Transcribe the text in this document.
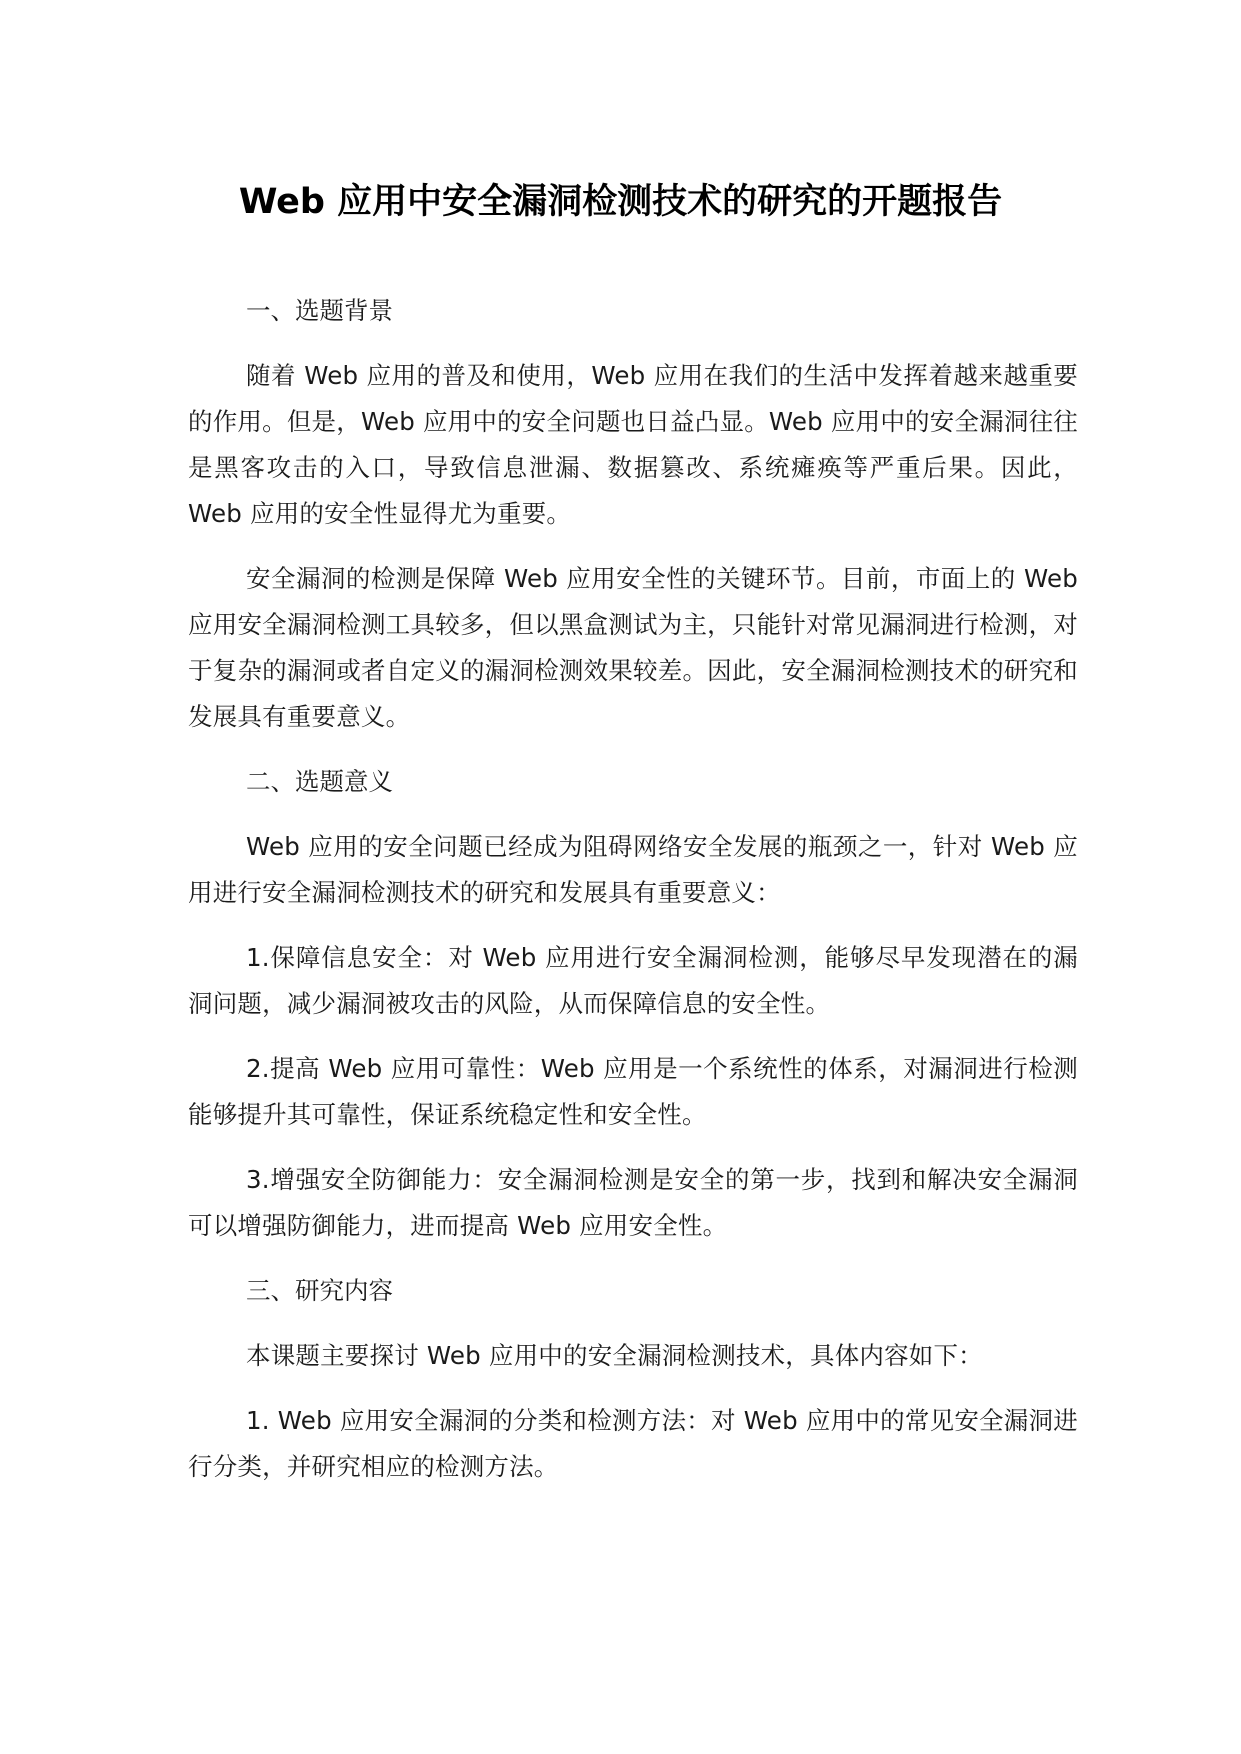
Web 应用中安全漏洞检测技术的研究的开题报告

一、选题背景

随着 Web 应用的普及和使用，Web 应用在我们的生活中发挥着越来越重要的作用。但是，Web 应用中的安全问题也日益凸显。Web 应用中的安全漏洞往往是黑客攻击的入口，导致信息泄漏、数据篡改、系统瘫痪等严重后果。因此，Web 应用的安全性显得尤为重要。

安全漏洞的检测是保障 Web 应用安全性的关键环节。目前，市面上的 Web 应用安全漏洞检测工具较多，但以黑盒测试为主，只能针对常见漏洞进行检测，对于复杂的漏洞或者自定义的漏洞检测效果较差。因此，安全漏洞检测技术的研究和发展具有重要意义。

二、选题意义

Web 应用的安全问题已经成为阻碍网络安全发展的瓶颈之一，针对 Web 应用进行安全漏洞检测技术的研究和发展具有重要意义：

1.保障信息安全：对 Web 应用进行安全漏洞检测，能够尽早发现潜在的漏洞问题，减少漏洞被攻击的风险，从而保障信息的安全性。

2.提高 Web 应用可靠性：Web 应用是一个系统性的体系，对漏洞进行检测能够提升其可靠性，保证系统稳定性和安全性。

3.增强安全防御能力：安全漏洞检测是安全的第一步，找到和解决安全漏洞可以增强防御能力，进而提高 Web 应用安全性。

三、研究内容

本课题主要探讨 Web 应用中的安全漏洞检测技术，具体内容如下：

1. Web 应用安全漏洞的分类和检测方法：对 Web 应用中的常见安全漏洞进行分类，并研究相应的检测方法。
